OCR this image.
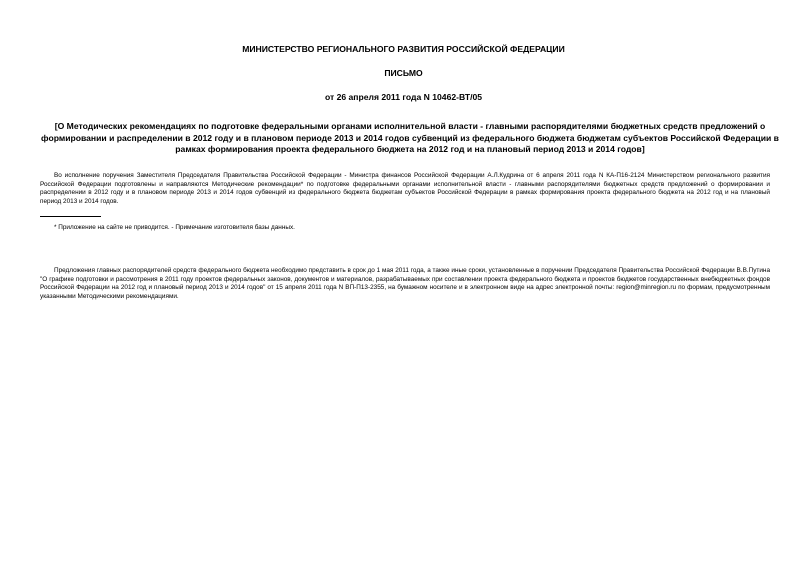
МИНИСТЕРСТВО РЕГИОНАЛЬНОГО РАЗВИТИЯ РОССИЙСКОЙ ФЕДЕРАЦИИ

ПИСЬМО

от 26 апреля 2011 года N 10462-ВТ/05

[О Методических рекомендациях по подготовке федеральными органами исполнительной власти - главными распорядителями бюджетных средств предложений о формировании и распределении в 2012 году и в плановом периоде 2013 и 2014 годов субвенций из федерального бюджета бюджетам субъектов Российской Федерации в рамках формирования проекта федерального бюджета на 2012 год и на плановый период 2013 и 2014 годов]

Во исполнение поручения Заместителя Председателя Правительства Российской Федерации - Министра финансов Российской Федерации А.Л.Кудрина от 6 апреля 2011 года N КА-П16-2124 Министерством регионального развития Российской Федерации подготовлены и направляются Методические рекомендации* по подготовке федеральными органами исполнительной власти - главными распорядителями бюджетных средств предложений о формировании и распределении в 2012 году и в плановом периоде 2013 и 2014 годов субвенций из федерального бюджета бюджетам субъектов Российской Федерации в рамках формирования проекта федерального бюджета на 2012 год и на плановый период 2013 и 2014 годов.

* Приложение на сайте не приводится. - Примечание изготовителя базы данных.

Предложения главных распорядителей средств федерального бюджета необходимо представить в срок до 1 мая 2011 года, а также иные сроки, установленные в поручении Председателя Правительства Российской Федерации В.В.Путина "О графике подготовки и рассмотрения в 2011 году проектов федеральных законов, документов и материалов, разрабатываемых при составлении проекта федерального бюджета и проектов бюджетов государственных внебюджетных фондов Российской Федерации на 2012 год и плановый период 2013 и 2014 годов" от 15 апреля 2011 года N ВП-П13-2355, на бумажном носителе и в электронном виде на адрес электронной почты: region@minregion.ru по формам, предусмотренным указанными Методическими рекомендациями.
